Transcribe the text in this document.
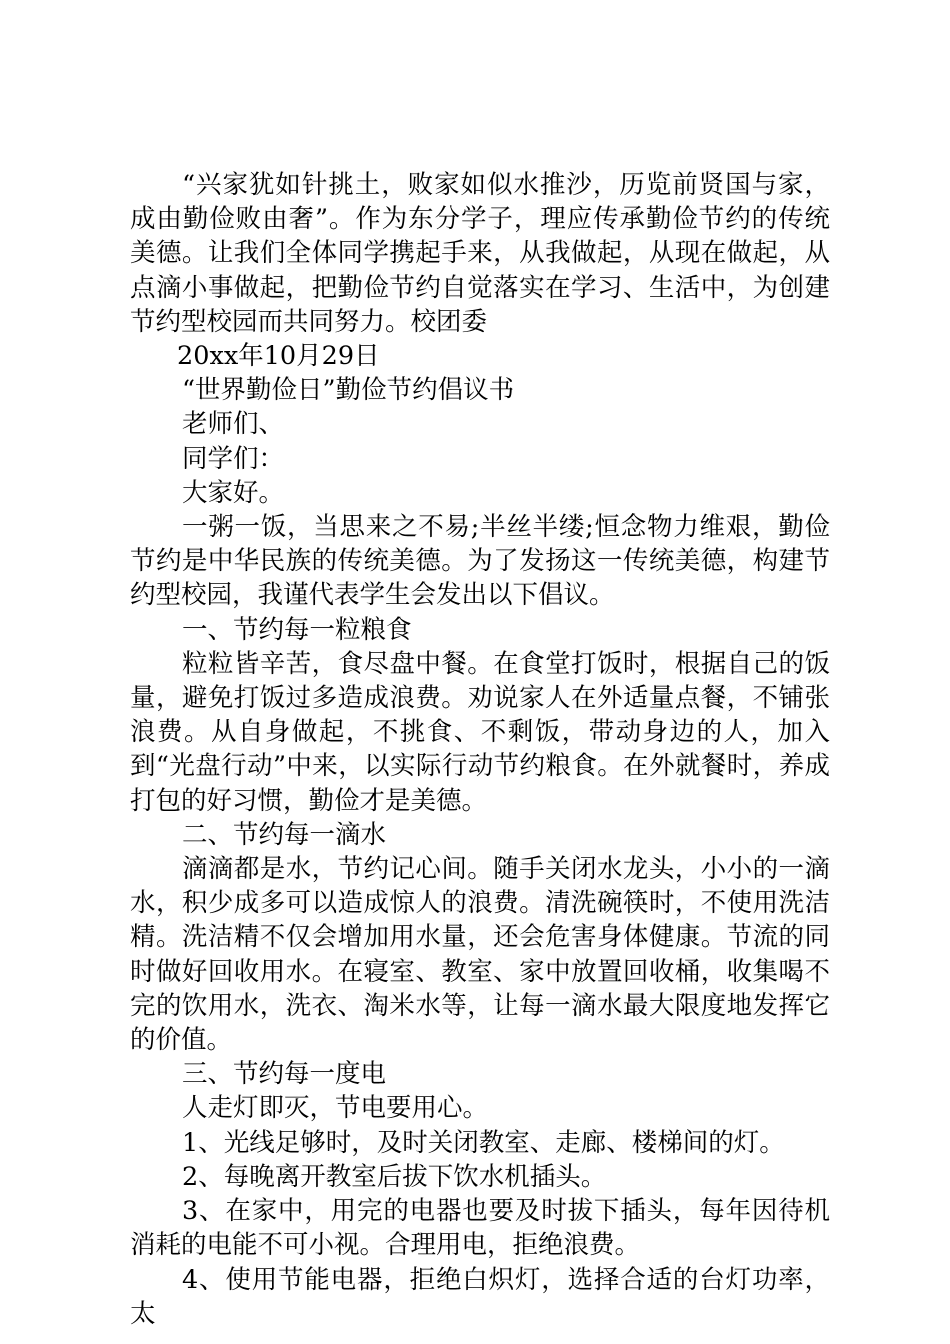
“兴家犹如针挑土，败家如似水推沙，历览前贤国与家，成由勤俭败由奢”。作为东分学子，理应传承勤俭节约的传统美德。让我们全体同学携起手来，从我做起，从现在做起，从点滴小事做起，把勤俭节约自觉落实在学习、生活中，为创建节约型校园而共同努力。校团委

20xx年10月29日

“世界勤俭日”勤俭节约倡议书

老师们、

同学们：

大家好。

一粥一饭，当思来之不易;半丝半缕;恒念物力维艰，勤俭节约是中华民族的传统美德。为了发扬这一传统美德，构建节约型校园，我谨代表学生会发出以下倡议。

一、节约每一粒粮食

粒粒皆辛苦，食尽盘中餐。在食堂打饭时，根据自己的饭量，避免打饭过多造成浪费。劝说家人在外适量点餐，不铺张浪费。从自身做起，不挑食、不剩饭，带动身边的人，加入到“光盘行动”中来，以实际行动节约粮食。在外就餐时，养成打包的好习惯，勤俭才是美德。

二、节约每一滴水

滴滴都是水，节约记心间。随手关闭水龙头，小小的一滴水，积少成多可以造成惊人的浪费。清洗碗筷时，不使用洗洁精。洗洁精不仅会增加用水量，还会危害身体健康。节流的同时做好回收用水。在寝室、教室、家中放置回收桶，收集喝不完的饮用水，洗衣、淘米水等，让每一滴水最大限度地发挥它的价值。

三、节约每一度电

人走灯即灭，节电要用心。

1、光线足够时，及时关闭教室、走廊、楼梯间的灯。

2、每晚离开教室后拔下饮水机插头。

3、在家中，用完的电器也要及时拔下插头，每年因待机消耗的电能不可小视。合理用电，拒绝浪费。

4、使用节能电器，拒绝白炽灯，选择合适的台灯功率，太
